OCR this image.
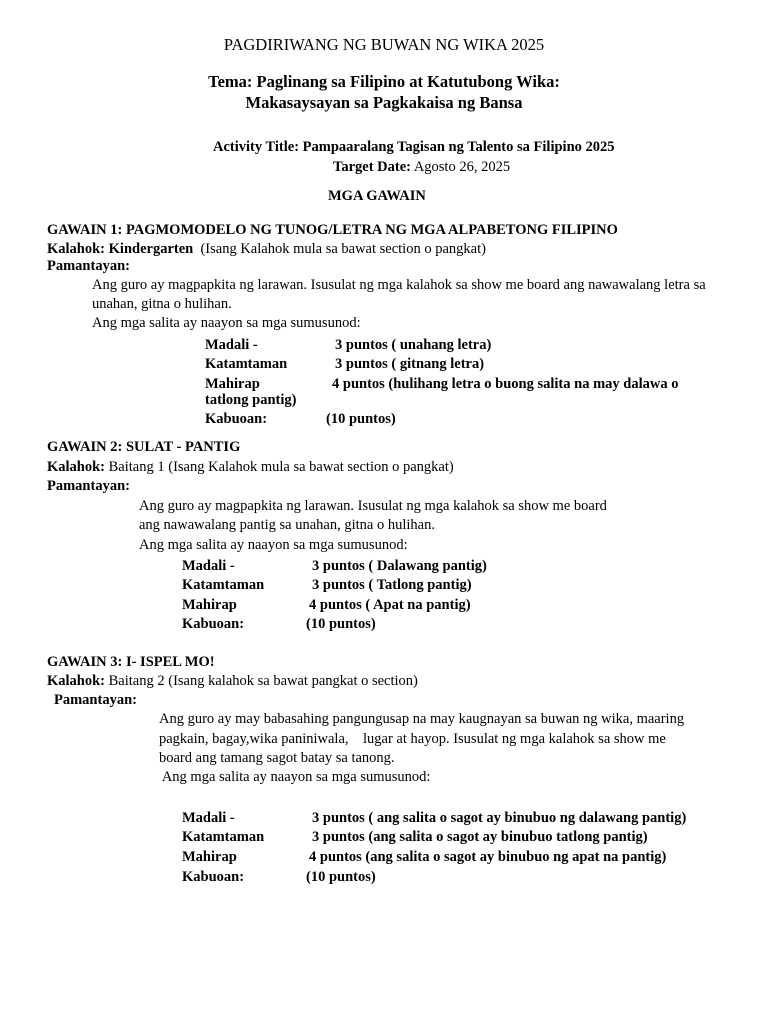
PAGDIRIWANG NG BUWAN NG WIKA 2025
Tema: Paglinang sa Filipino at Katutubong Wika:
Makasaysayan sa Pagkakaisa ng Bansa
Activity Title: Pampaaralang Tagisan ng Talento sa Filipino 2025
Target Date: Agosto 26, 2025
MGA GAWAIN
GAWAIN 1: PAGMOMODELO NG TUNOG/LETRA NG MGA ALPABETONG FILIPINO
Kalahok: Kindergarten (Isang Kalahok mula sa bawat section o pangkat)
Pamantayan:
Ang guro ay magpapkita ng larawan. Isusulat ng mga kalahok sa show me board ang nawawalang letra sa
unahan, gitna o hulihan.
Ang mga salita ay naayon sa mga sumusunod:
Madali -	3 puntos ( unahang letra)
Katamtaman	3 puntos ( gitnang letra)
Mahirap	4 puntos (hulihang letra o buong salita na may dalawa o
tatlong pantig)
Kabuoan:	(10 puntos)
GAWAIN 2: SULAT - PANTIG
Kalahok: Baitang 1 (Isang Kalahok mula sa bawat section o pangkat)
Pamantayan:
Ang guro ay magpapkita ng larawan. Isusulat ng mga kalahok sa show me board
ang nawawalang pantig sa unahan, gitna o hulihan.
Ang mga salita ay naayon sa mga sumusunod:
Madali -	3 puntos ( Dalawang pantig)
Katamtaman	3 puntos ( Tatlong pantig)
Mahirap	4 puntos ( Apat na pantig)
Kabuoan:	(10 puntos)
GAWAIN 3: I- ISPEL MO!
Kalahok: Baitang 2 (Isang kalahok sa bawat pangkat o section)
Pamantayan:
Ang guro ay may babasahing pangungusap na may kaugnayan sa buwan ng wika, maaring
pagkain, bagay,wika paniniwala,    lugar at hayop. Isusulat ng mga kalahok sa show me
board ang tamang sagot batay sa tanong.
Ang mga salita ay naayon sa mga sumusunod:
Madali -	3 puntos ( ang salita o sagot ay binubuo ng dalawang pantig)
Katamtaman	3 puntos (ang salita o sagot ay binubuo tatlong pantig)
Mahirap	4 puntos (ang salita o sagot ay binubuo ng apat na pantig)
Kabuoan:	(10 puntos)
